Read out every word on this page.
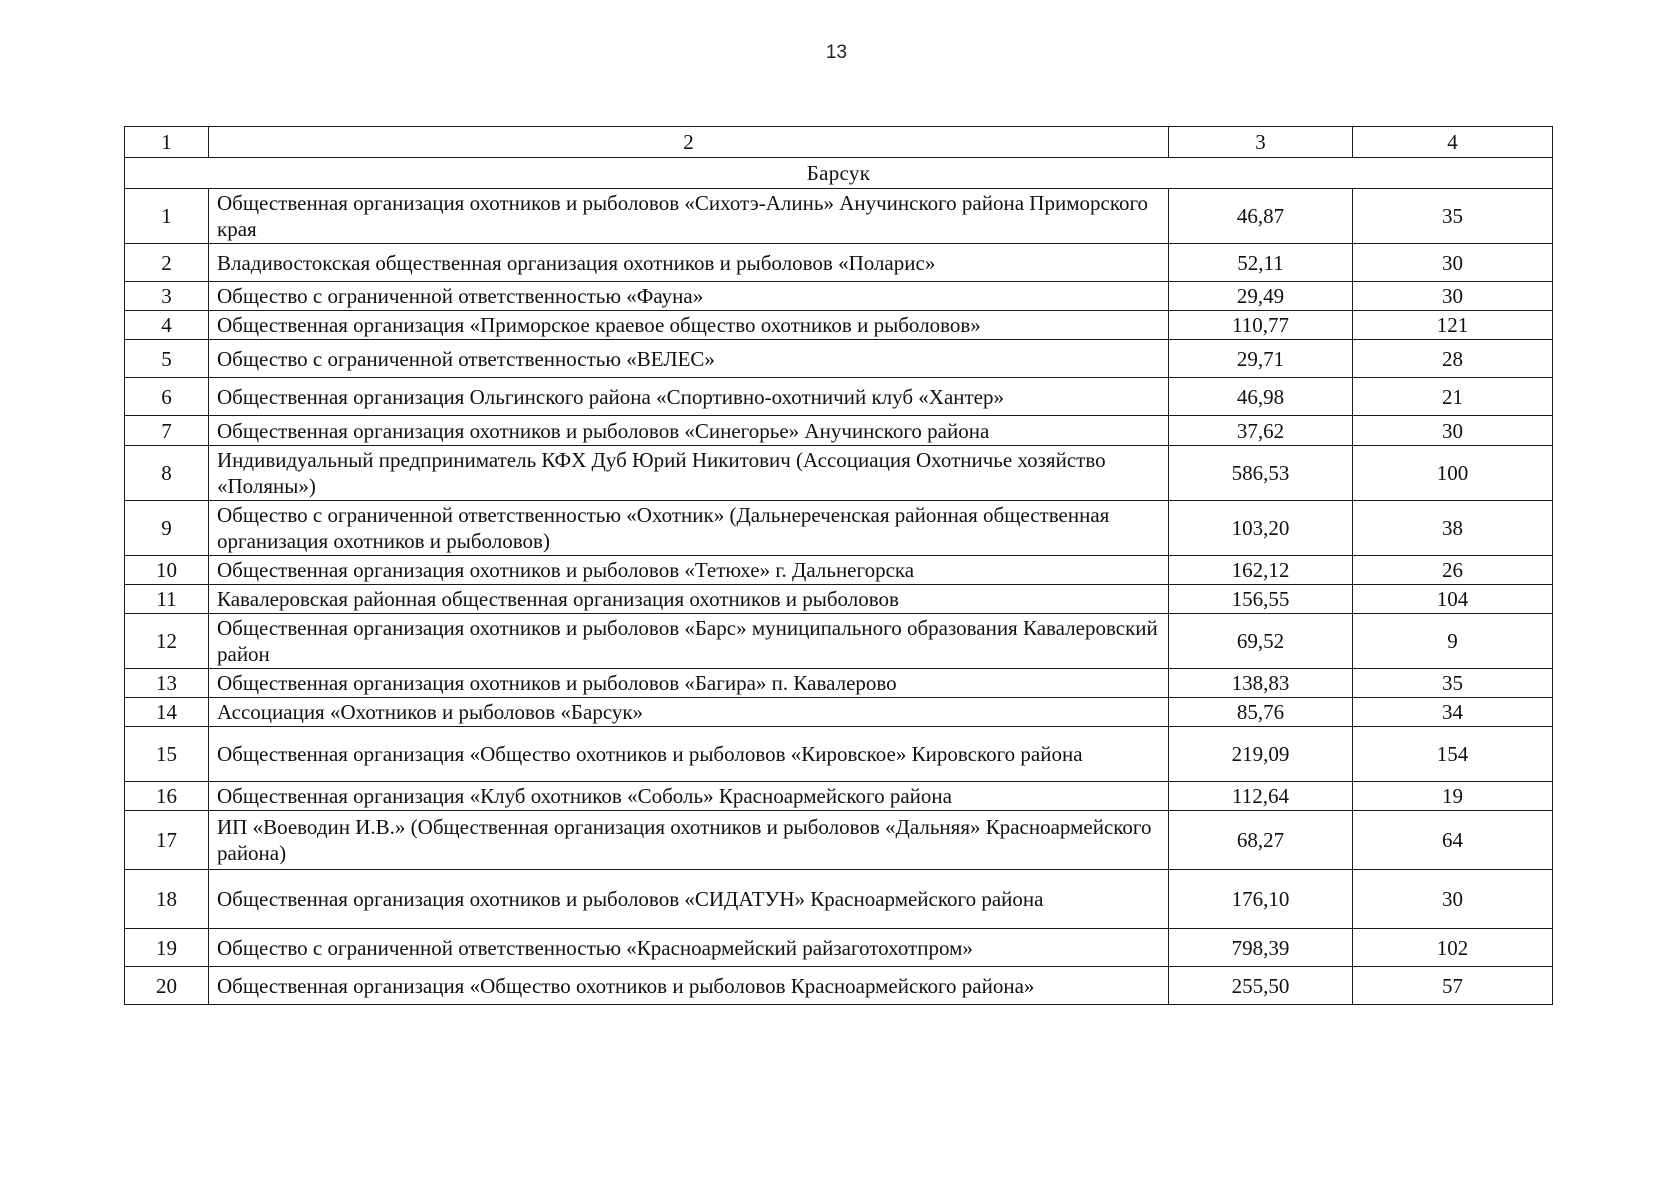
13
1	2	3	4
Барсук			
1	Общественная организация охотников и рыболовов «Сихотэ-Алинь» Анучинского района Приморского края	46,87	35
2	Владивостокская общественная организация охотников и рыболовов «Поларис»	52,11	30
3	Общество с ограниченной ответственностью «Фауна»	29,49	30
4	Общественная организация «Приморское краевое общество охотников и рыболовов»	110,77	121
5	Общество с ограниченной ответственностью «ВЕЛЕС»	29,71	28
6	Общественная организация Ольгинского района «Спортивно-охотничий клуб «Хантер»	46,98	21
7	Общественная организация охотников и рыболовов «Синегорье» Анучинского района	37,62	30
8	Индивидуальный предприниматель КФХ Дуб Юрий Никитович (Ассоциация Охотничье хозяйство «Поляны»)	586,53	100
9	Общество с ограниченной ответственностью «Охотник» (Дальнереченская районная общественная организация охотников и рыболовов)	103,20	38
10	Общественная организация охотников и рыболовов «Тетюхе» г. Дальнегорска	162,12	26
11	Кавалеровская районная общественная организация охотников и рыболовов	156,55	104
12	Общественная организация охотников и рыболовов «Барс» муниципального образования Кавалеровский район	69,52	9
13	Общественная организация охотников и рыболовов «Багира» п. Кавалерово	138,83	35
14	Ассоциация «Охотников и рыболовов «Барсук»	85,76	34
15	Общественная организация «Общество охотников и рыболовов «Кировское» Кировского района	219,09	154
16	Общественная организация «Клуб охотников «Соболь» Красноармейского района	112,64	19
17	ИП «Воеводин И.В.» (Общественная организация охотников и рыболовов «Дальняя» Красноармейского района)	68,27	64
18	Общественная организация охотников и рыболовов «СИДАТУН» Красноармейского района	176,10	30
19	Общество с ограниченной ответственностью «Красноармейский райзаготохотпром»	798,39	102
20	Общественная организация «Общество охотников и рыболовов Красноармейского района»	255,50	57
